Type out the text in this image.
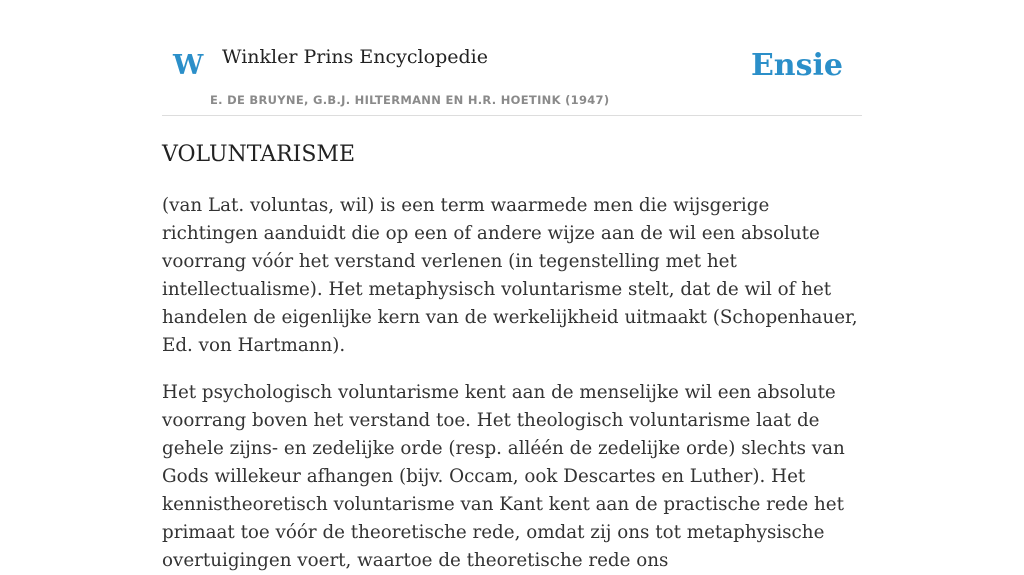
W Winkler Prins Encyclopedie
E. DE BRUYNE, G.B.J. HILTERMANN EN H.R. HOETINK (1947)
Ensie
VOLUNTARISME

(van Lat. voluntas, wil) is een term waarmede men die wijsgerige richtingen aanduidt die op een of andere wijze aan de wil een absolute voorrang vóór het verstand verlenen (in tegenstelling met het intellectualisme). Het metaphysisch voluntarisme stelt, dat de wil of het handelen de eigenlijke kern van de werkelijkheid uitmaakt (Schopenhauer, Ed. von Hartmann).

Het psychologisch voluntarisme kent aan de menselijke wil een absolute voorrang boven het verstand toe. Het theologisch voluntarisme laat de gehele zijns- en zedelijke orde (resp. alléén de zedelijke orde) slechts van Gods willekeur afhangen (bijv. Occam, ook Descartes en Luther). Het kennistheoretisch voluntarisme van Kant kent aan de practische rede het primaat toe vóór de theoretische rede, omdat zij ons tot metaphysische overtuigingen voert, waartoe de theoretische rede ons
